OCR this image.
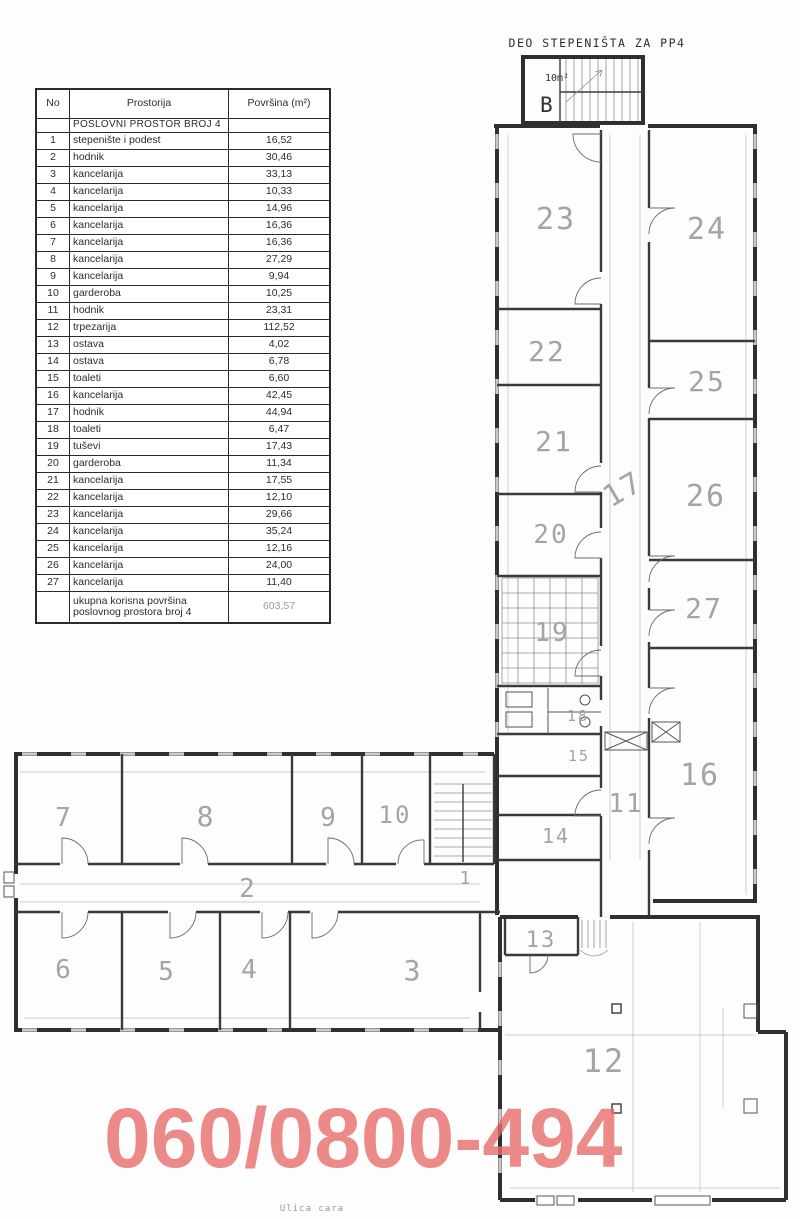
DEO STEPENIŠTA ZA PP4
10m²
B
Ulica cara
1
2
3
4
5
6
7	8	9 10	11
12
13
14
15
16
17
18
19
20
21
22
23	24
25
26
27
No	Prostorija	Površina (m²)
	POSLOVNI PROSTOR BROJ 4	
1	stepenište i podest	16,52
2	hodnik	30,46
3	kancelarija	33,13
4	kancelarija	10,33
5	kancelarija	14,96
6	kancelarija	16,36
7	kancelarija	16,36
8	kancelarija	27,29
9	kancelarija	9,94
10	garderoba	10,25
11	hodnik	23,31
12	trpezarija	112,52
13	ostava	4,02
14	ostava	6,78
15	toaleti	6,60
16	kancelarija	42,45
17	hodnik	44,94
18	toaleti	6,47
19	tuševi	17,43
20	garderoba	11,34
21	kancelarija	17,55
22	kancelarija	12,10
23	kancelarija	29,66
24	kancelarija	35,24
25	kancelarija	12,16
26	kancelarija	24,00
27	kancelarija	11,40
	ukupna korisna površina poslovnog prostora broj 4	603,57
060/0800-494
